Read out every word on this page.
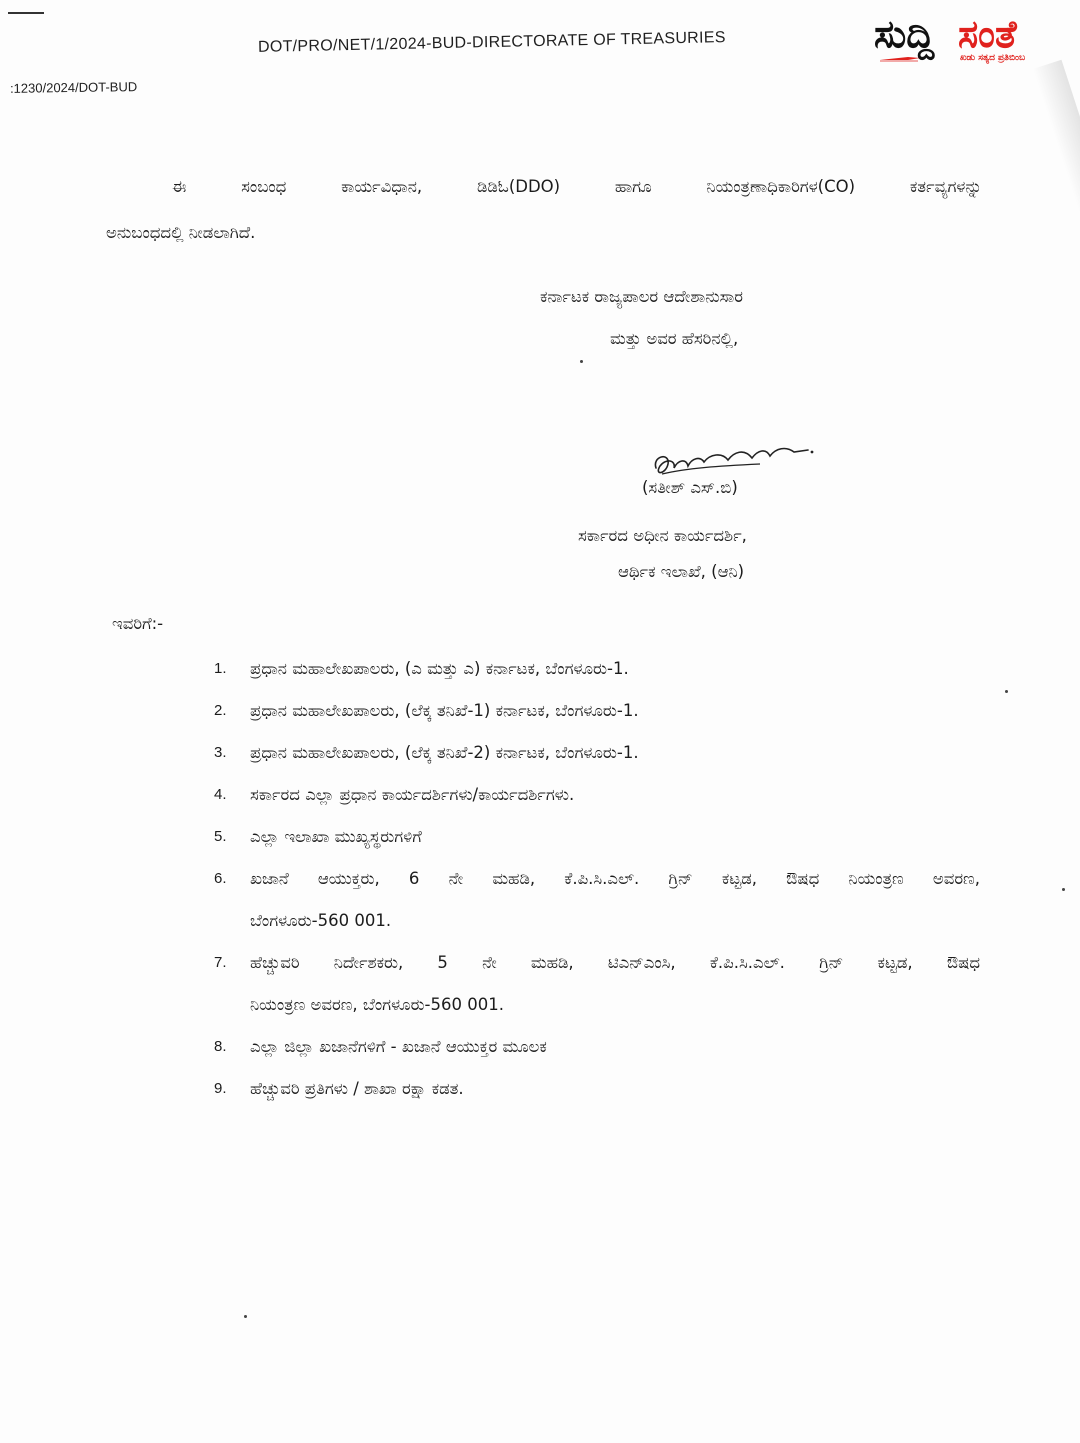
DOT/PRO/NET/1/2024-BUD-DIRECTORATE OF TREASURIES
:1230/2024/DOT-BUD
ಸುದ್ದಿ ಸಂತೆ
ಖಡು ಸತ್ಯದ ಪ್ರತಿಬಿಂಬ
ಈ ಸಂಬಂಧ ಕಾರ್ಯವಿಧಾನ, ಡಿಡಿಓ(DDO) ಹಾಗೂ ನಿಯಂತ್ರಣಾಧಿಕಾರಿಗಳ(CO) ಕರ್ತವ್ಯಗಳನ್ನು
ಅನುಬಂಧದಲ್ಲಿ ನೀಡಲಾಗಿದೆ.
ಕರ್ನಾಟಕ ರಾಜ್ಯಪಾಲರ ಆದೇಶಾನುಸಾರ
ಮತ್ತು ಅವರ ಹೆಸರಿನಲ್ಲಿ,
(ಸತೀಶ್ ಎಸ್.ಬಿ)
ಸರ್ಕಾರದ ಅಧೀನ ಕಾರ್ಯದರ್ಶಿ,
ಆರ್ಥಿಕ ಇಲಾಖೆ, (ಆನಿ)
ಇವರಿಗೆ:-
1. ಪ್ರಧಾನ ಮಹಾಲೇಖಪಾಲರು, (ಎ ಮತ್ತು ಎ) ಕರ್ನಾಟಕ, ಬೆಂಗಳೂರು-1.
2. ಪ್ರಧಾನ ಮಹಾಲೇಖಪಾಲರು, (ಲೆಕ್ಕ ತನಿಖೆ-1) ಕರ್ನಾಟಕ, ಬೆಂಗಳೂರು-1.
3. ಪ್ರಧಾನ ಮಹಾಲೇಖಪಾಲರು, (ಲೆಕ್ಕ ತನಿಖೆ-2) ಕರ್ನಾಟಕ, ಬೆಂಗಳೂರು-1.
4. ಸರ್ಕಾರದ ಎಲ್ಲಾ ಪ್ರಧಾನ ಕಾರ್ಯದರ್ಶಿಗಳು/ಕಾರ್ಯದರ್ಶಿಗಳು.
5. ಎಲ್ಲಾ ಇಲಾಖಾ ಮುಖ್ಯಸ್ಥರುಗಳಿಗೆ
6. ಖಜಾನೆ ಆಯುಕ್ತರು, 6 ನೇ ಮಹಡಿ, ಕೆ.ಪಿ.ಸಿ.ಎಲ್. ಗ್ರಿನ್ ಕಟ್ಟಡ, ಔಷಧ ನಿಯಂತ್ರಣ ಅವರಣ,
ಬೆಂಗಳೂರು-560 001.
7. ಹೆಚ್ಚುವರಿ ನಿರ್ದೇಶಕರು, 5 ನೇ ಮಹಡಿ, ಟಿಎನ್ಎಂಸಿ, ಕೆ.ಪಿ.ಸಿ.ಎಲ್. ಗ್ರಿನ್ ಕಟ್ಟಡ, ಔಷಧ
ನಿಯಂತ್ರಣ ಅವರಣ, ಬೆಂಗಳೂರು-560 001.
8. ಎಲ್ಲಾ ಜಿಲ್ಲಾ ಖಜಾನೆಗಳಿಗೆ - ಖಜಾನೆ ಆಯುಕ್ತರ ಮೂಲಕ
9. ಹೆಚ್ಚುವರಿ ಪ್ರತಿಗಳು / ಶಾಖಾ ರಕ್ಷಾ ಕಡತ.
